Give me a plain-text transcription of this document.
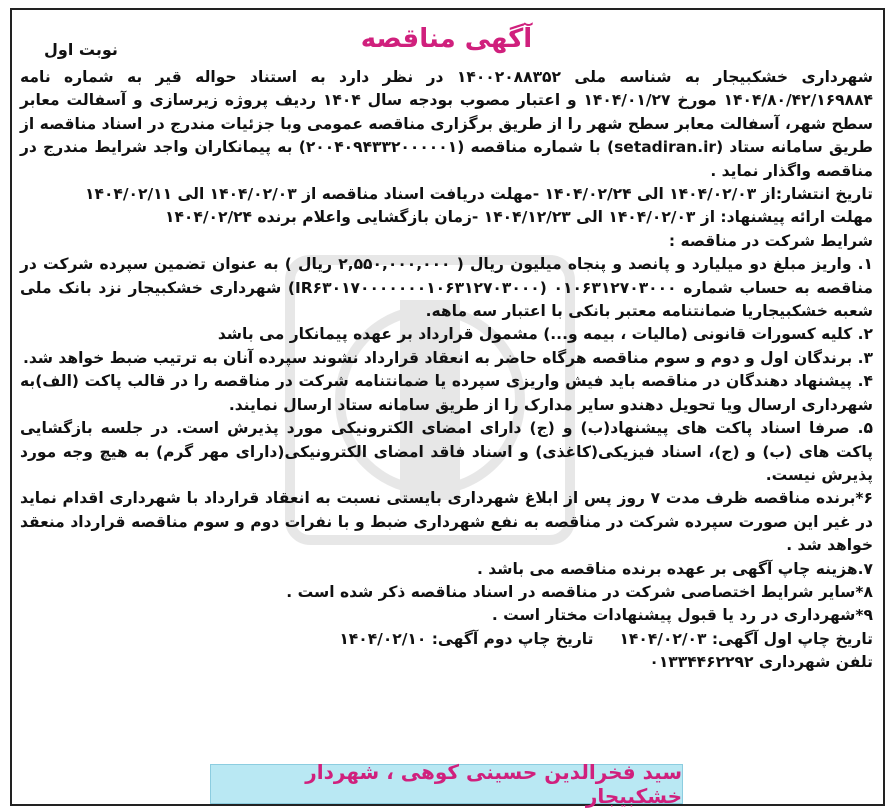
آگهی مناقصه
نوبت اول

شهرداری خشکبیجار به شناسه ملی ۱۴۰۰۲۰۸۸۳۵۲ در نظر دارد به استناد حواله قیر به شماره نامه ۱۴۰۴/۸۰/۴۲/۱۶۹۸۸۴ مورخ ۱۴۰۴/۰۱/۲۷ و اعتبار مصوب بودجه سال ۱۴۰۴ ردیف پروژه زیرسازی و آسفالت معابر سطح شهر، آسفالت معابر سطح شهر را از طریق برگزاری مناقصه عمومی وبا جزئیات مندرج در اسناد مناقصه از طریق سامانه ستاد (setadiran.ir) با شماره مناقصه (۲۰۰۴۰۹۴۳۳۲۰۰۰۰۰۱) به پیمانکاران واجد شرایط مندرج در مناقصه واگذار نماید .

تاریخ انتشار:از ۱۴۰۴/۰۲/۰۳ الی ۱۴۰۴/۰۲/۲۴ -مهلت دریافت اسناد مناقصه از ۱۴۰۴/۰۲/۰۳ الی ۱۴۰۴/۰۲/۱۱

مهلت ارائه پیشنهاد: از ۱۴۰۴/۰۲/۰۳ الی ۱۴۰۴/۱۲/۲۳ -زمان بازگشایی واعلام برنده ۱۴۰۴/۰۲/۲۴

شرایط شرکت در مناقصه :

۱. واریز مبلغ دو میلیارد و پانصد و پنجاه میلیون ریال ( ۲,۵۵۰,۰۰۰,۰۰۰ ریال ) به عنوان تضمین سپرده شرکت در مناقصه به حساب شماره ۰۱۰۶۳۱۲۷۰۳۰۰۰ (IR۶۳۰۱۷۰۰۰۰۰۰۰۱۰۶۳۱۲۷۰۳۰۰۰) شهرداری خشکبیجار نزد بانک ملی شعبه خشکبیجاریا ضمانتنامه معتبر بانکی با اعتبار سه ماهه.

۲. کلیه کسورات قانونی (مالیات ، بیمه و...) مشمول قرارداد بر عهده پیمانکار می باشد

۳. برندگان اول و دوم و سوم مناقصه هرگاه حاضر به انعقاد قرارداد نشوند سپرده آنان به ترتیب ضبط خواهد شد.

۴. پیشنهاد دهندگان در مناقصه باید فیش واریزی سپرده یا ضمانتنامه شرکت در مناقصه را در قالب پاکت (الف)به شهرداری ارسال ویا تحویل دهندو سایر مدارک را از طریق سامانه ستاد ارسال نمایند.

۵. صرفا اسناد پاکت های پیشنهاد(ب) و (ج) دارای امضای الکترونیکی مورد پذیرش است. در جلسه بازگشایی پاکت های (ب) و (ج)، اسناد فیزیکی(کاغذی) و اسناد فاقد امضای الکترونیکی(دارای مهر گرم) به هیچ وجه مورد پذیرش نیست.

۶*برنده مناقصه ظرف مدت ۷ روز پس از ابلاغ شهرداری بایستی نسبت به انعقاد قرارداد با شهرداری اقدام نماید در غیر این صورت سپرده شرکت در مناقصه به نفع شهرداری ضبط و با نفرات دوم و سوم مناقصه قرارداد منعقد خواهد شد .

۷.هزینه چاپ آگهی بر عهده برنده مناقصه می باشد .

۸*سایر شرایط اختصاصی شرکت در مناقصه در اسناد مناقصه ذکر شده است .

۹*شهرداری در رد یا قبول پیشنهادات مختار است .

تاریخ چاپ اول آگهی: ۱۴۰۴/۰۲/۰۳
تاریخ چاپ دوم آگهی: ۱۴۰۴/۰۲/۱۰

تلفن شهرداری ۰۱۳۳۴۴۶۲۲۹۲

سید فخرالدین حسینی کوهی ، شهردار خشکبیجار
